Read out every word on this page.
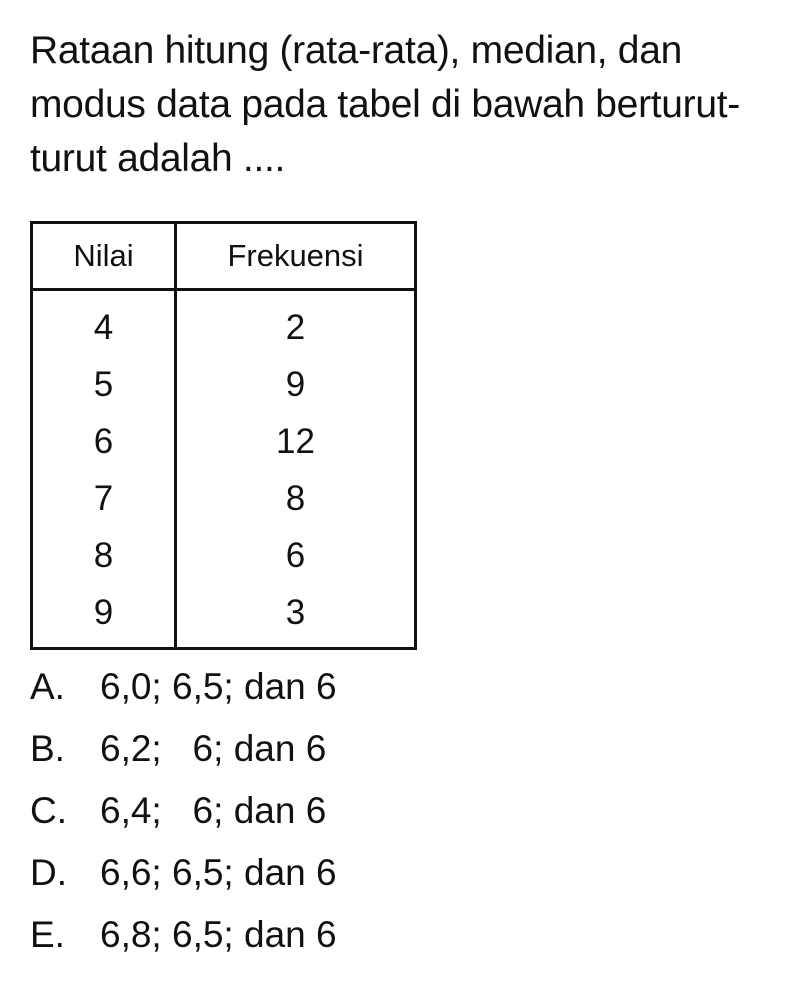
Rataan hitung (rata-rata), median, dan
modus data pada tabel di bawah berturut-
turut adalah ....
Nilai	Frekuensi
4	2
5	9
6	12
7	8
8	6
9	3
A. 6,0; 6,5; dan 6
B. 6,2;   6; dan 6
C. 6,4;   6; dan 6
D. 6,6; 6,5; dan 6
E. 6,8; 6,5; dan 6
